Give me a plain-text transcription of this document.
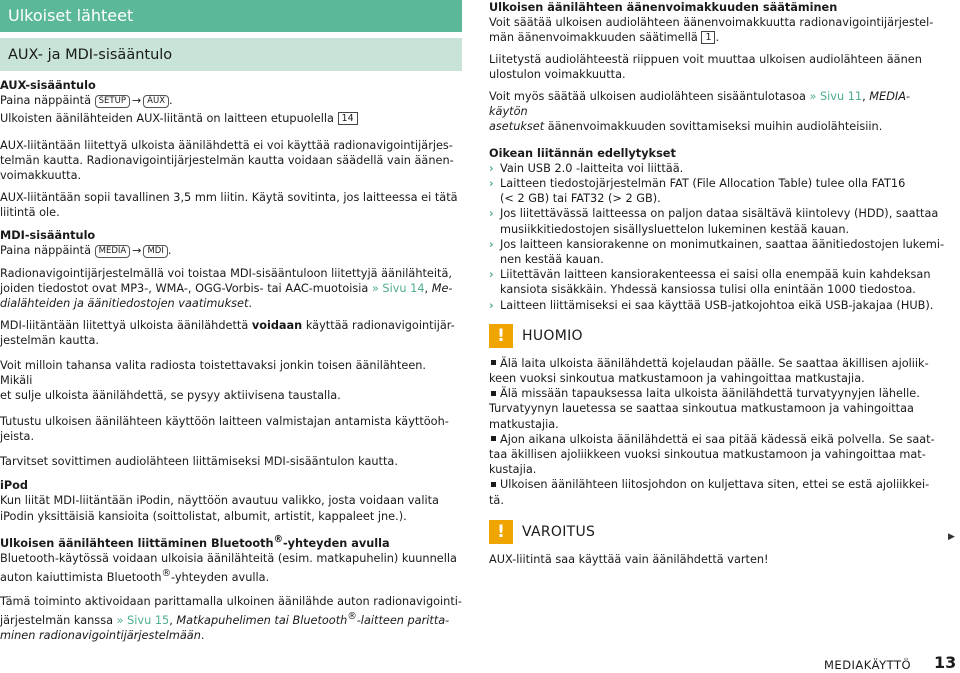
Ulkoiset lähteet
AUX- ja MDI-sisääntulo

AUX-sisääntulo

Paina näppäintä SETUP → AUX .

Ulkoisten äänilähteiden AUX-liitäntä on laitteen etupuolella 14

AUX-liitäntään liitettyä ulkoista äänilähdettä ei voi käyttää radionavigointijärjes-
telmän kautta. Radionavigointijärjestelmän kautta voidaan säädellä vain äänen-
voimakkuutta.

AUX-liitäntään sopii tavallinen 3,5 mm liitin. Käytä sovitinta, jos laitteessa ei tätä
liitintä ole.

MDI-sisääntulo

Paina näppäintä MEDIA → MDI .

Radionavigointijärjestelmällä voi toistaa MDI-sisääntuloon liitettyjä äänilähteitä,
joiden tiedostot ovat MP3-, WMA-, OGG-Vorbis- tai AAC-muotoisia » Sivu 14, Me-
dialähteiden ja äänitiedostojen vaatimukset.

MDI-liitäntään liitettyä ulkoista äänilähdettä voidaan käyttää radionavigointijär-
jestelmän kautta.

Voit milloin tahansa valita radiosta toistettavaksi jonkin toisen äänilähteen. Mikäli
et sulje ulkoista äänilähdettä, se pysyy aktiivisena taustalla.

Tutustu ulkoisen äänilähteen käyttöön laitteen valmistajan antamista käyttöoh-
jeista.

Tarvitset sovittimen audiolähteen liittämiseksi MDI-sisääntulon kautta.

iPod

Kun liität MDI-liitäntään iPodin, näyttöön avautuu valikko, josta voidaan valita
iPodin yksittäisiä kansioita (soittolistat, albumit, artistit, kappaleet jne.).

Ulkoisen äänilähteen liittäminen Bluetooth®-yhteyden avulla

Bluetooth-käytössä voidaan ulkoisia äänilähteitä (esim. matkapuhelin) kuunnella
auton kaiuttimista Bluetooth®-yhteyden avulla.

Tämä toiminto aktivoidaan parittamalla ulkoinen äänilähde auton radionavigointi-
järjestelmän kanssa » Sivu 15, Matkapuhelimen tai Bluetooth®-laitteen paritta-
minen radionavigointijärjestelmään.

Ulkoisen äänilähteen äänenvoimakkuuden säätäminen

Voit säätää ulkoisen audiolähteen äänenvoimakkuutta radionavigointijärjestel-
män äänenvoimakkuuden säätimellä 1 .

Liitetystä audiolähteestä riippuen voit muuttaa ulkoisen audiolähteen äänen
ulostulon voimakkuutta.

Voit myös säätää ulkoisen audiolähteen sisääntulotasoa » Sivu 11, MEDIA-käytön
asetukset äänenvoimakkuuden sovittamiseksi muihin audiolähteisiin.

Oikean liitännän edellytykset

› Vain USB 2.0 -laitteita voi liittää.

› Laitteen tiedostojärjestelmän FAT (File Allocation Table) tulee olla FAT16
(< 2 GB) tai FAT32 (> 2 GB).

› Jos liitettävässä laitteessa on paljon dataa sisältävä kiintolevy (HDD), saattaa
musiikkitiedostojen sisällysluettelon lukeminen kestää kauan.

› Jos laitteen kansiorakenne on monimutkainen, saattaa äänitiedostojen lukemi-
nen kestää kauan.

› Liitettävän laitteen kansiorakenteessa ei saisi olla enempää kuin kahdeksan
kansiota sisäkkäin. Yhdessä kansiossa tulisi olla enintään 1000 tiedostoa.

› Laitteen liittämiseksi ei saa käyttää USB-jatkojohtoa eikä USB-jakajaa (HUB).

!	HUOMIO

Älä laita ulkoista äänilähdettä kojelaudan päälle. Se saattaa äkillisen ajoliik-
keen vuoksi sinkoutua matkustamoon ja vahingoittaa matkustajia.

Älä missään tapauksessa laita ulkoista äänilähdettä turvatyynyjen lähelle.
Turvatyynyn lauetessa se saattaa sinkoutua matkustamoon ja vahingoittaa
matkustajia.

Ajon aikana ulkoista äänilähdettä ei saa pitää kädessä eikä polvella. Se saat-
taa äkillisen ajoliikkeen vuoksi sinkoutua matkustamoon ja vahingoittaa mat-
kustajia.

Ulkoisen äänilähteen liitosjohdon on kuljettava siten, ettei se estä ajoliikkei-
tä.

!	VAROITUS

AUX-liitintä saa käyttää vain äänilähdettä varten!

▶
MEDIAKÄYTTÖ 13
